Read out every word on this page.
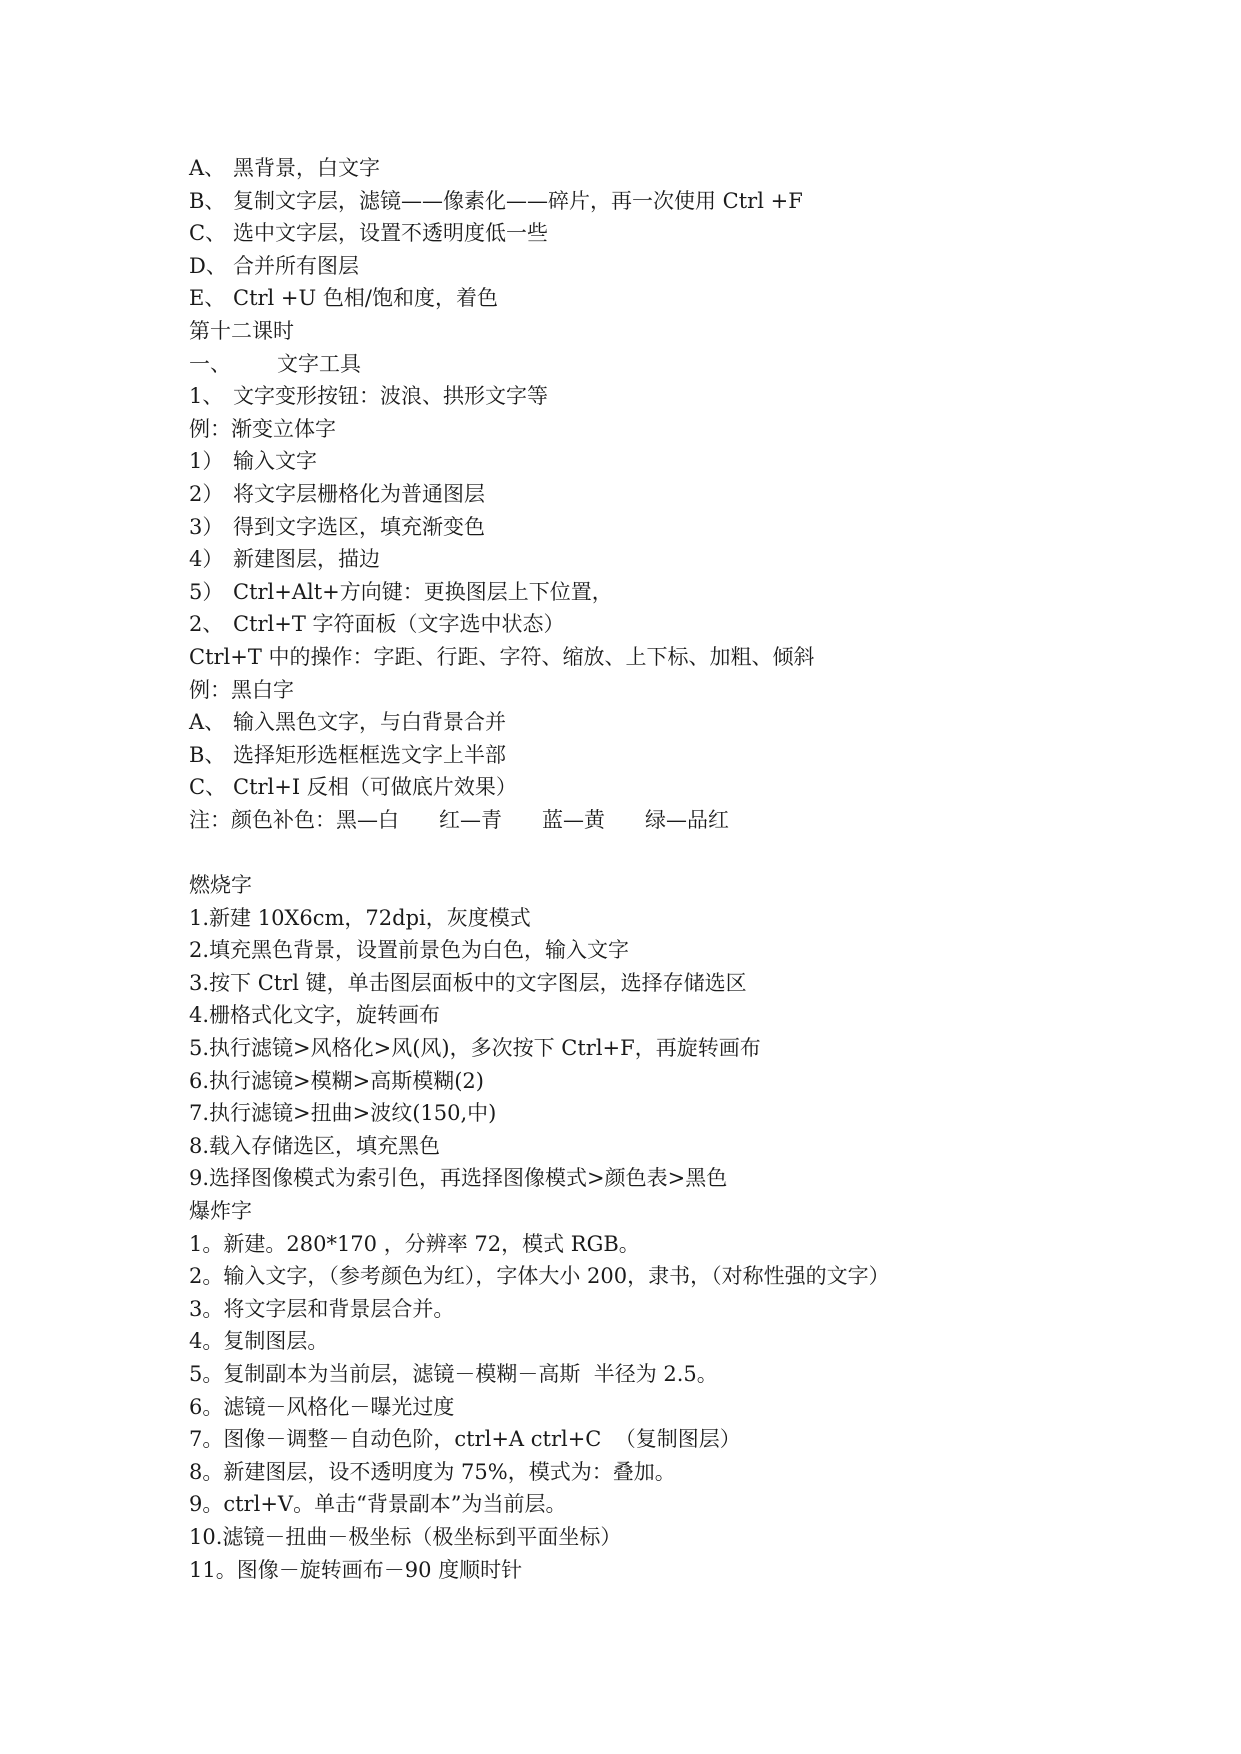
A、 黑背景，白文字
B、 复制文字层，滤镜——像素化——碎片，再一次使用 Ctrl +F
C、 选中文字层，设置不透明度低一些
D、 合并所有图层
E、 Ctrl +U 色相/饱和度，着色
第十二课时
一、	文字工具
1、 文字变形按钮：波浪、拱形文字等
例：渐变立体字
1） 输入文字
2） 将文字层栅格化为普通图层
3） 得到文字选区，填充渐变色
4） 新建图层，描边
5） Ctrl+Alt+方向键：更换图层上下位置，
2、 Ctrl+T 字符面板（文字选中状态）
Ctrl+T 中的操作：字距、行距、字符、缩放、上下标、加粗、倾斜
例：黑白字
A、 输入黑色文字，与白背景合并
B、 选择矩形选框框选文字上半部
C、 Ctrl+I 反相（可做底片效果）
注：颜色补色： 黑—白 红—青 蓝—黄 绿—品红
燃烧字
1.新建 10X6cm，72dpi，灰度模式
2.填充黑色背景，设置前景色为白色，输入文字
3.按下 Ctrl 键，单击图层面板中的文字图层，选择存储选区
4.栅格式化文字，旋转画布
5.执行滤镜>风格化>风(风)，多次按下 Ctrl+F，再旋转画布
6.执行滤镜>模糊>高斯模糊(2)
7.执行滤镜>扭曲>波纹(150,中)
8.载入存储选区，填充黑色
9.选择图像模式为索引色，再选择图像模式>颜色表>黑色
爆炸字
1。新建。280*170 ，分辨率 72，模式 RGB。
2。输入文字，（参考颜色为红），字体大小 200，隶书，（对称性强的文字）
3。将文字层和背景层合并。
4。复制图层。
5。复制副本为当前层，滤镜－模糊－高斯  半径为 2.5。
6。滤镜－风格化－曝光过度
7。图像－调整－自动色阶，ctrl+A ctrl+C  （复制图层）
8。新建图层，设不透明度为 75%，模式为：叠加。
9。ctrl+V。单击“背景副本”为当前层。
10.滤镜－扭曲－极坐标（极坐标到平面坐标）
11。图像－旋转画布－90 度顺时针
